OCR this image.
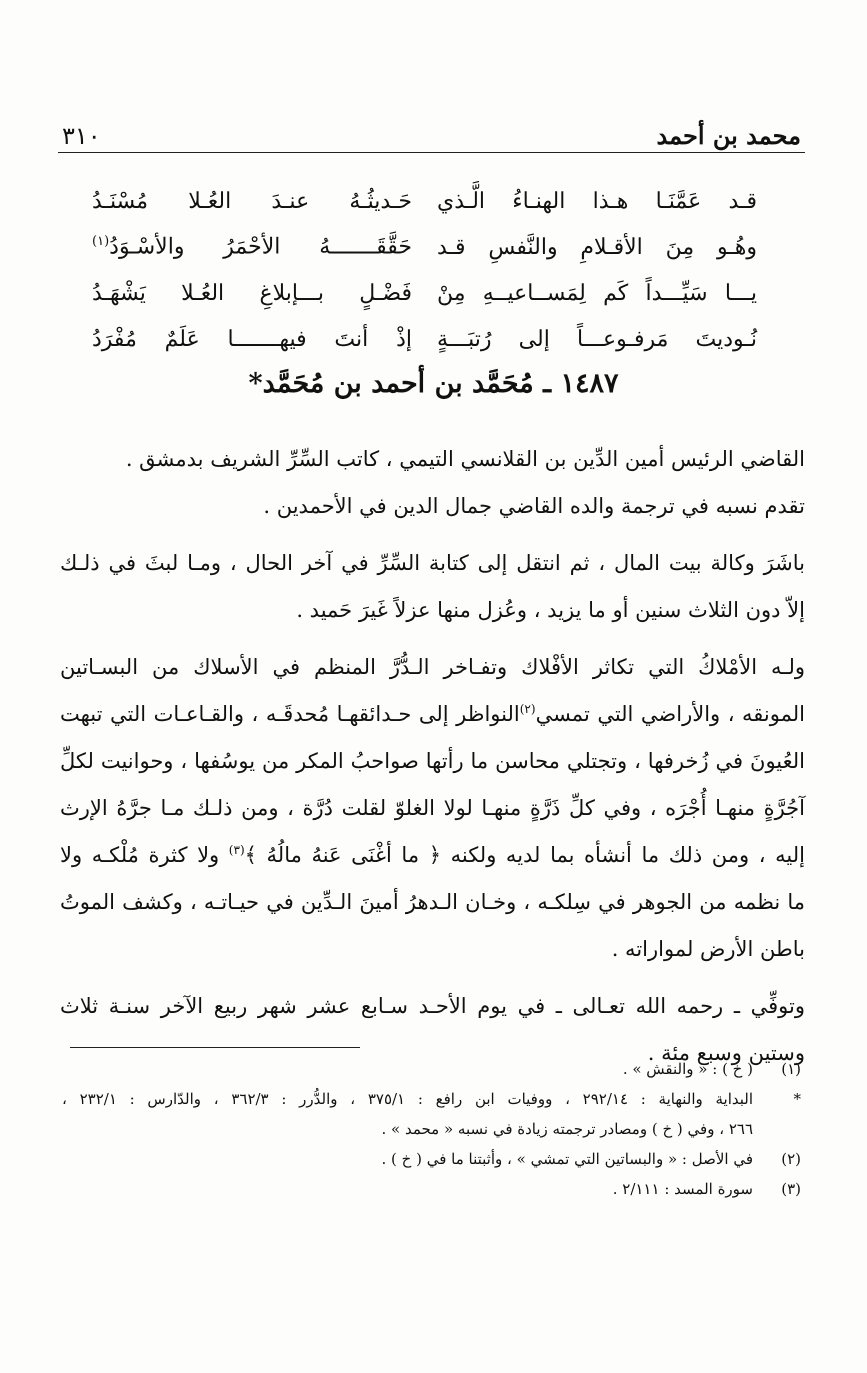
محمد بن أحمد
٣١٠
قـد عَمَّنَـا هـذا الهنـاءُ الَّـذي
حَـديثُـهُ عنـدَ العُـلا مُسْنَـدُ
وهُـو مِنَ الأقـلامِ والنَّفسِ قـد
حَقَّقَـــــــهُ الأحْمَرُ والأسْـوَدُ$^{(١)}$
يـــا سَيِّـــداً كَم لِمَســاعيــهِ مِنْ
فَضْـلٍ بـــإبلاغِ العُـلا يَشْهَـدُ
نُـوديتَ مَرفـوعـــاً إلى رُتبَـــةٍ
إذْ أنتَ فيهـــــــا عَلَمٌ مُفْرَدُ
١٤٨٧ ـ مُحَمَّد بن أحمد بن مُحَمَّد*
القاضي الرئيس أمين الدِّين بن القلانسي التيمي ، كاتب السِّرِّ الشريف بدمشق .
تقدم نسبه في ترجمة والده القاضي جمال الدين في الأحمدين .
باشَرَ وكالة بيت المال ، ثم انتقل إلى كتابة السِّرِّ في آخر الحال ، ومـا لبثَ في ذلـك
إلاّ دون الثلاث سنين أو ما يزيد ، وعُزل منها عزلاً غَيرَ حَميد .
ولـه الأمْلاكُ التي تكاثر الأفْلاك وتفـاخر الـدُّرَّ المنظم في الأسلاك من البسـاتين
المونقه ، والأراضي التي تمسي$^{(٢)}$النواظر إلى حـدائقهـا مُحدقَـه ، والقـاعـات التي تبهت
العُيونَ في زُخرفها ، وتجتلي محاسن ما رأتها صواحبُ المكر من يوسُفها ، وحوانيت لكلِّ
آجُرَّةٍ منهـا أُجْرَه ، وفي كلِّ ذَرَّةٍ منهـا لولا الغلوّ لقلت دُرَّة ، ومن ذلـك مـا جرَّهُ الإرث
إليه ، ومن ذلك ما أنشأه بما لديه ولكنه ﴿ ما أغْنَى عَنهُ مالُهُ ﴾$^{(٣)}$ ولا كثرة مُلْكـه ولا
ما نظمه من الجوهر في سِلكـه ، وخـان الـدهرُ أمينَ الـدِّين في حيـاتـه ، وكشف الموتُ
باطن الأرض لمواراته .
وتوفِّي ـ رحمه الله تعـالى ـ في يوم الأحـد سـابع عشر شهر ربيع الآخر سنـة ثلاث
وستين وسبع مئة .
(١)
( خ ) : « والنقش » .
*
البداية والنهاية : ٢٩٢/١٤ ، ووفيات ابن رافع : ٣٧٥/١ ، والدُّرر : ٣٦٢/٣ ، والدّارس : ٢٣٢/١ ،
٢٦٦ ، وفي ( خ ) ومصادر ترجمته زيادة في نسبه « محمد » .
(٢)
في الأصل : « والبساتين التي تمشي » ، وأثبتنا ما في ( خ ) .
(٣)
سورة المسد : ٢/١١١ .
